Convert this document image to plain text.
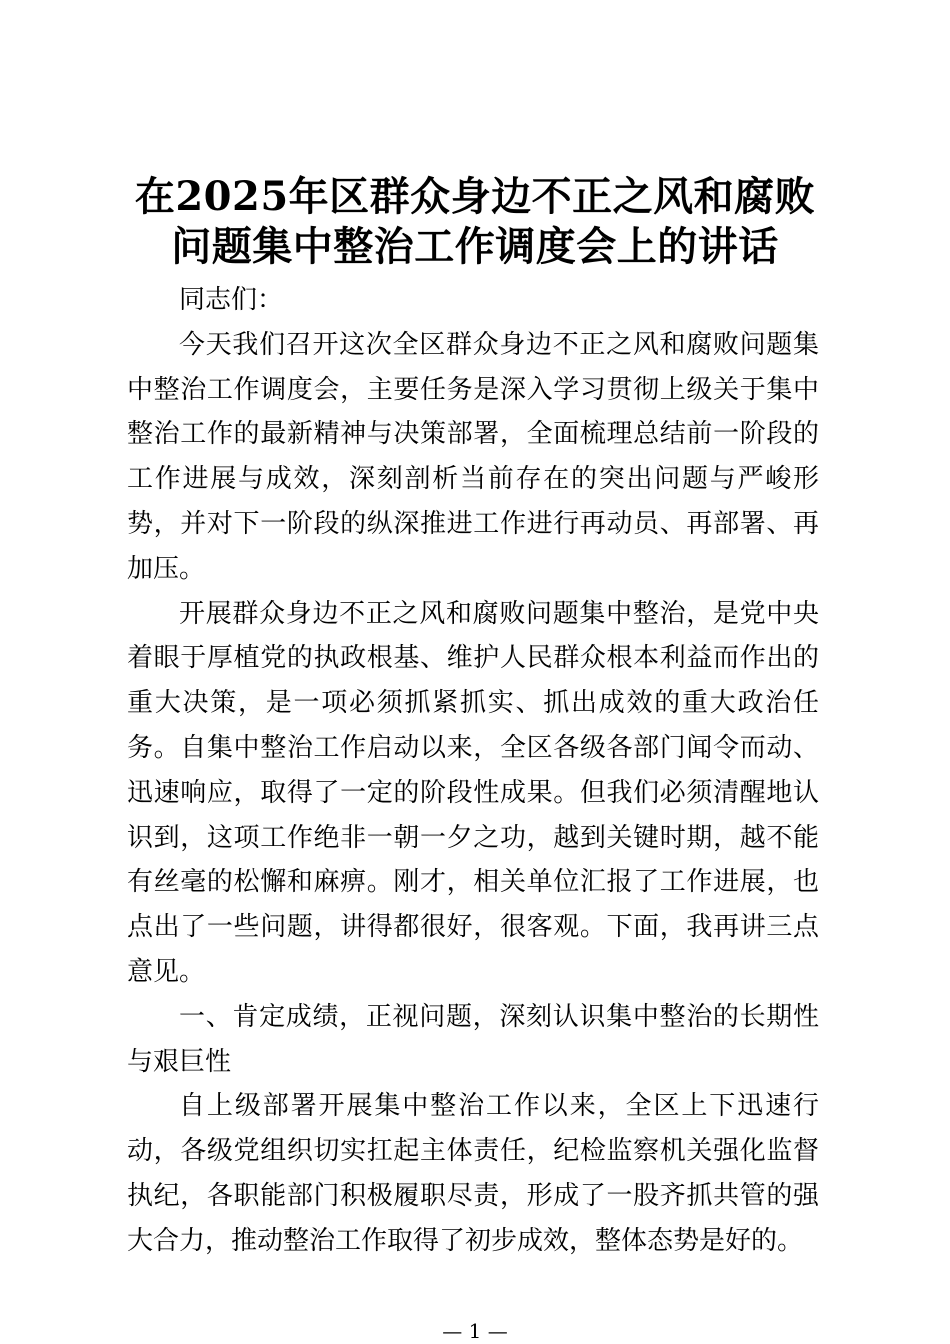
在2025年区群众身边不正之风和腐败
问题集中整治工作调度会上的讲话

同志们：

今天我们召开这次全区群众身边不正之风和腐败问题集中整治工作调度会，主要任务是深入学习贯彻上级关于集中整治工作的最新精神与决策部署，全面梳理总结前一阶段的工作进展与成效，深刻剖析当前存在的突出问题与严峻形势，并对下一阶段的纵深推进工作进行再动员、再部署、再加压。

开展群众身边不正之风和腐败问题集中整治，是党中央着眼于厚植党的执政根基、维护人民群众根本利益而作出的重大决策，是一项必须抓紧抓实、抓出成效的重大政治任务。自集中整治工作启动以来，全区各级各部门闻令而动、迅速响应，取得了一定的阶段性成果。但我们必须清醒地认识到，这项工作绝非一朝一夕之功，越到关键时期，越不能有丝毫的松懈和麻痹。刚才，相关单位汇报了工作进展，也点出了一些问题，讲得都很好，很客观。下面，我再讲三点意见。

一、肯定成绩，正视问题，深刻认识集中整治的长期性与艰巨性

自上级部署开展集中整治工作以来，全区上下迅速行动，各级党组织切实扛起主体责任，纪检监察机关强化监督执纪，各职能部门积极履职尽责，形成了一股齐抓共管的强大合力，推动整治工作取得了初步成效，整体态势是好的。

— 1 —
